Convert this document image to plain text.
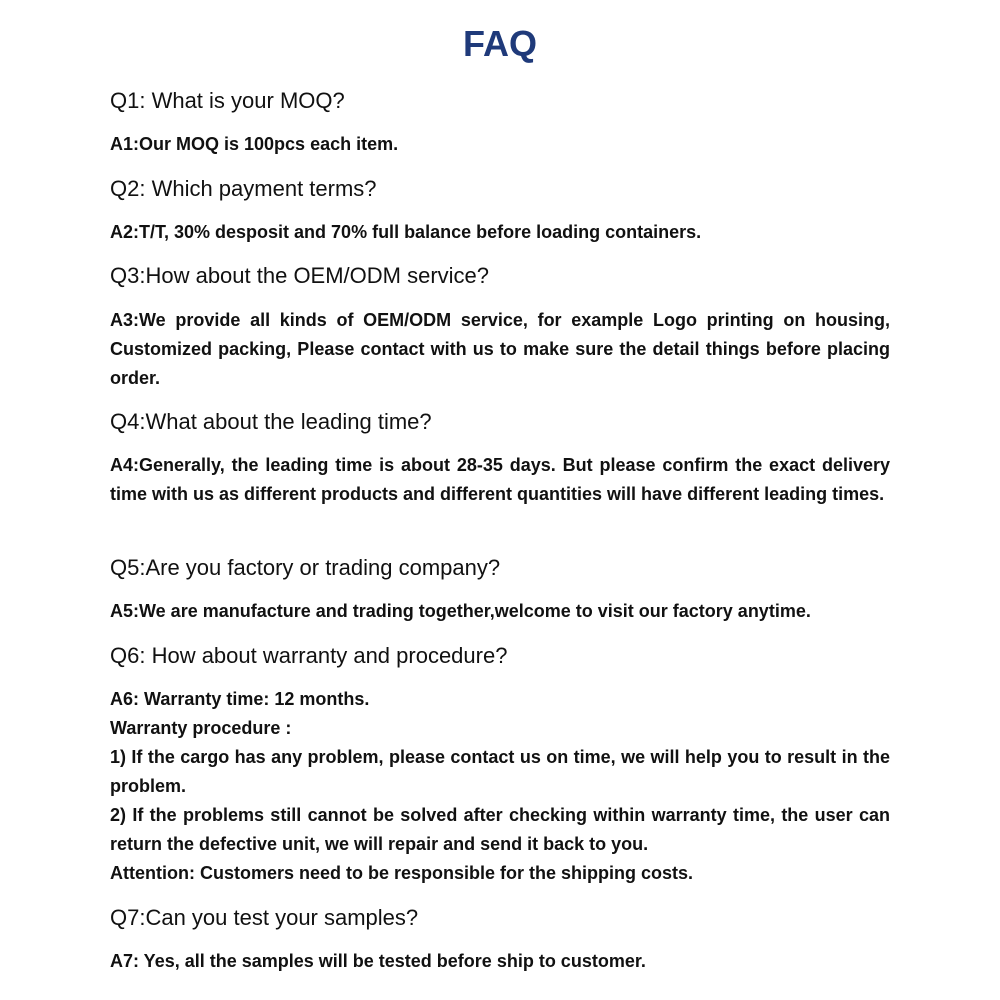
FAQ

Q1: What is your MOQ?

A1:Our MOQ is 100pcs each item.

Q2: Which payment terms?

A2:T/T, 30% desposit and 70% full balance before loading containers.

Q3:How about the OEM/ODM service?

A3:We provide all kinds of OEM/ODM service, for example Logo printing on housing, Customized packing, Please contact with us to make sure the detail things before placing order.

Q4:What about the leading time?

A4:Generally, the leading time is about 28-35 days. But please confirm the exact delivery time with us as different products and different quantities will have different leading times.

Q5:Are you factory or trading company?

A5:We are manufacture and trading together,welcome to visit our factory anytime.

Q6: How about warranty and procedure?

A6: Warranty time: 12 months.

Warranty procedure :

1) If the cargo has any problem, please contact us on time, we will help you to result in the problem.

2) If the problems still cannot be solved after checking within warranty time, the user can return the defective unit, we will repair and send it back to you.

Attention: Customers need to be responsible for the shipping costs.

Q7:Can you test your samples?

A7: Yes, all the samples will be tested before ship to customer.
